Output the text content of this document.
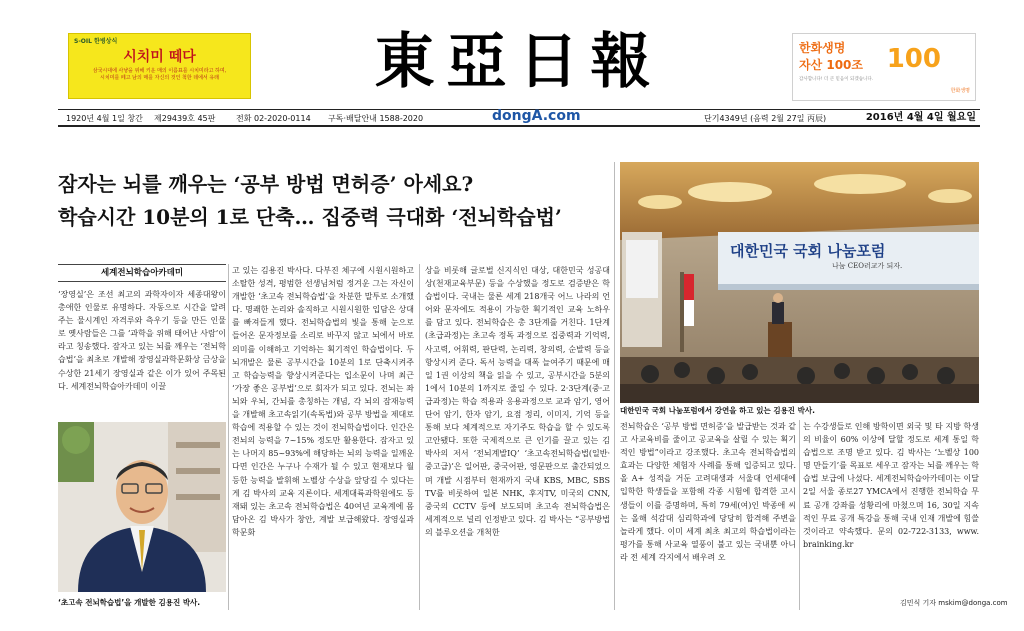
S-OIL 한병상식
시치미 떼다
삼국시대에 사냥을 위해 키운 매의 이름표를 시치미라고 하며,
시치미를 떼고 남의 매를 자신의 것인 척한 데에서 유래	東亞日報	한화생명
자산 100조
감사합니다! 더 큰 믿음이 되겠습니다.
100
한화생명
1920년 4월 1일 창간 제29439호 45판	전화 02-2020-0114 구독·배달안내 1588-2020	dongA.com	단기4349년 (음력 2월 27일 丙辰)	2016년 4월 4일 월요일
잠자는 뇌를 깨우는 ‘공부 방법 면허증’ 아세요?
학습시간 10분의 1로 단축… 집중력 극대화 ‘전뇌학습법’
대한민국 국회 나눔포럼
나눔 CEO러교가 되자.
대한민국 국회 나눔포럼에서 강연을 하고 있는 김용진 박사.
세계전뇌학습아카데미

‘장영실’은 조선 최고의 과학자이자 세종대왕이 총애한 인물로 유명하다. 자동으로 시간을 알려주는 물시계인 자격루와 측우기 등을 만든 인물로 옛사람들은 그를 ‘과학을 위해 태어난 사람’이라고 칭송했다. 잠자고 있는 뇌를 깨우는 ‘전뇌학습법’을 최초로 개발해 장영실과학문화상 금상을 수상한 21세기 장영실과 같은 이가 있어 주목된다. 세계전뇌학습아카데미 이끌

‘초고속 전뇌학습법’을 개발한 김용진 박사.

고 있는 김용진 박사다. 다부진 체구에 시원시원하고 소탈한 성격, 평범한 선생님처럼 정겨운 그는 자신이 개발한 ‘초고속 전뇌학습법’을 차분한 말투로 소개했다. 명쾌한 논리와 솔직하고 시원시원한 입담은 상대를 빠져들게 했다. 전뇌학습법의 빛을 통해 눈으로 들어온 문자정보를 소리로 바꾸지 않고 뇌에서 바로 의미를 이해하고 기억하는 획기적인 학습법이다. 두뇌개발은 물론 공부시간을 10분의 1로 단축시켜주고 학습능력을 향상시켜준다는 입소문이 나며 최근 ‘가장 좋은 공부법’으로 회자가 되고 있다. 전뇌는 좌뇌와 우뇌, 간뇌를 총칭하는 개념, 각 뇌의 잠재능력을 개발해 초고속읽기(속독법)와 공부 방법을 제대로 학습에 적용할 수 있는 것이 전뇌학습법이다. 인간은 전뇌의 능력을 7~15% 정도만 활용한다. 잠자고 있는 나머지 85~93%에 해당하는 뇌의 능력을 일깨운다면 인간은 누구나 수재가 될 수 있고 현재보다 월등한 능력을 발휘해 노벨상 수상을 앞당길 수 있다는 게 김 박사의 교육 지론이다. 세계대륙과학원에도 등재돼 있는 초고속 전뇌학습법은 40여년 교육계에 몸담아온 김 박사가 창안, 계발 보급해왔다. 장영실과학문화

상을 비롯해 글로벌 신지식인 대상, 대한민국 성공대상(천재교육부문) 등을 수상했을 정도로 검증받은 학습법이다. 국내는 물론 세계 218개국 어느 나라의 언어와 문자에도 적용이 가능한 획기적인 교육 노하우를 담고 있다. 전뇌학습은 총 3단계를 거친다. 1단계(초급과정)는 초고속 정독 과정으로 집중력과 기억력, 사고력, 어휘력, 판단력, 논리력, 창의력, 순발력 등을 향상시켜 준다. 독서 능력을 대폭 늘여주기 때문에 매일 1권 이상의 책을 읽을 수 있고, 공부시간을 5분의 1에서 10분의 1까지로 줄일 수 있다. 2·3단계(중·고급과정)는 학습 적용과 응용과정으로 교과 암기, 영어단어 암기, 한자 암기, 요점 정리, 이미지, 기억 등을 통해 보다 체계적으로 자기주도 학습을 할 수 있도록 고안됐다. 또한 국제적으로 큰 인기를 끌고 있는 김 박사의 저서 ‘전뇌계발IQ’ ‘초고속전뇌학습법(일반·중고급)’은 일어판, 중국어판, 영문판으로 출간되었으며 개발 시점부터 현재까지 국내 KBS, MBC, SBS TV를 비롯하여 일본 NHK, 후지TV, 미국의 CNN, 중국의 CCTV 등에 보도되며 초고속 전뇌학습법은 세계적으로 널리 인정받고 있다. 김 박사는 “공부방법의 블루오션을 개척한

전뇌학습은 ‘공부 방법 면허증’을 발급받는 것과 같고 사교육비를 줄이고 공교육을 살릴 수 있는 획기적인 방법”이라고 강조했다. 초고속 전뇌학습법의 효과는 다양한 체험자 사례를 통해 입증되고 있다. 올 A+ 성적을 거둔 고려대생과 서울대 언세대에 입학한 학생들을 포함해 각종 시험에 합격한 고시생들이 이를 증명하며, 특히 79세(여)인 박종애 씨는 올해 석감대 심리학과에 당당히 합격해 주변을 놀라게 했다. 이미 세계 최초 최고의 학습법이라는 평가를 통해 사교육 열풍이 불고 있는 국내뿐 아니라 전 세계 각지에서 배우려 오

는 수강생들로 인해 방학이면 외국 및 타 지방 학생의 비율이 60% 이상에 달할 정도로 세계 통일 학습법으로 조명 받고 있다. 김 박사는 ‘노벨상 100명 만들기’를 목표로 세우고 잠자는 뇌를 깨우는 학습법 보급에 나섰다. 세계전뇌학습아카데미는 이달 2일 서울 종로27 YMCA에서 진행한 전뇌학습 무료 공개 강좌를 성황리에 마쳤으며 16, 30일 지속적인 무료 공개 특강을 통해 국내 인재 개발에 힘쓸 것이라고 약속했다. 문의 02-722-3133, www. brainking.kr

김민식 기자 mskim@donga.com
